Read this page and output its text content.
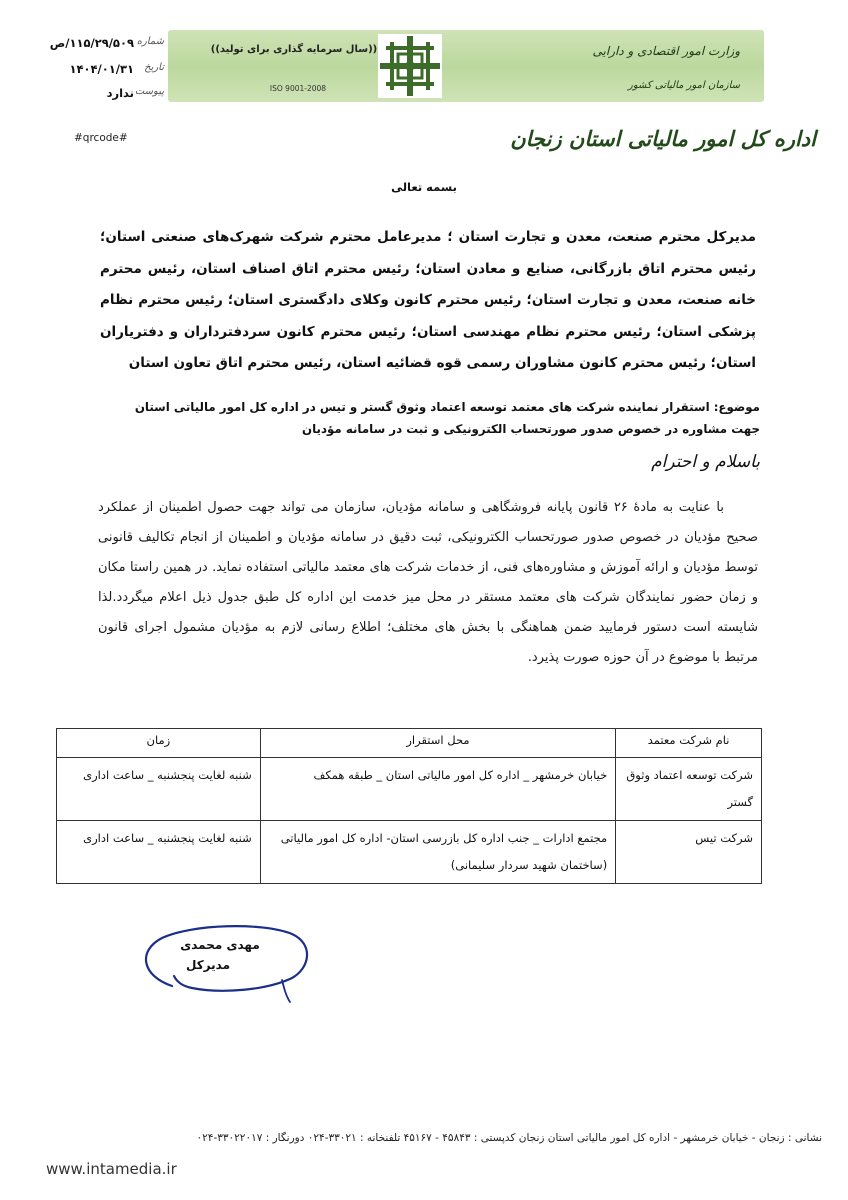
شماره
۱۱۵/۲۹/۵۰۹/ص
تاریخ
۱۴۰۴/۰۱/۳۱
پیوست
ندارد
((سال سرمایه گذاری برای تولید))
ISO 9001-2008
وزارت امور اقتصادی و دارایی
سازمان امور مالیاتی کشور
اداره کل امور مالیاتی استان زنجان
#qrcode#
بسمه تعالی
مدیرکل محترم صنعت، معدن و تجارت استان ؛ مدیرعامل محترم شرکت شهرک‌های صنعتی استان؛ رئیس محترم اتاق بازرگانی، صنایع و معادن استان؛ رئیس محترم اتاق اصناف استان، رئیس محترم خانه صنعت، معدن و تجارت استان؛ رئیس محترم کانون وکلای دادگستری استان؛ رئیس محترم نظام پزشکی استان؛ رئیس محترم نظام مهندسی استان؛ رئیس محترم کانون سردفترداران و دفتریاران استان؛ رئیس محترم کانون مشاوران رسمی قوه قضائیه استان، رئیس محترم اتاق تعاون استان
موضوع: استقرار نماینده شرکت های معتمد توسعه اعتماد وثوق گستر و تیس در اداره کل امور مالیاتی استان جهت مشاوره در خصوص صدور صورتحساب الکترونیکی و ثبت در سامانه مؤدیان
باسلام و احترام
با عنایت به مادهٔ ۲۶ قانون پایانه فروشگاهی و سامانه مؤدیان، سازمان می تواند جهت حصول اطمینان از عملکرد صحیح مؤدیان در خصوص صدور صورتحساب الکترونیکی، ثبت دقیق در سامانه مؤدیان و اطمینان از انجام تکالیف قانونی توسط مؤدیان و ارائه آموزش و مشاوره‌های فنی، از خدمات شرکت های معتمد مالیاتی استفاده نماید. در همین راستا مکان و زمان حضور نمایندگان شرکت های معتمد مستقر در محل میز خدمت این اداره کل طبق جدول ذیل اعلام میگردد.لذا شایسته است دستور فرمایید ضمن هماهنگی با بخش های مختلف؛ اطلاع رسانی لازم به مؤدیان مشمول اجرای قانون مرتبط با موضوع در آن حوزه صورت پذیرد.
نام شرکت معتمد	محل استقرار	زمان
شرکت توسعه اعتماد وثوق گستر	خیابان خرمشهر _ اداره کل امور مالیاتی استان _ طبقه همکف	شنبه لغایت پنجشنبه _ ساعت اداری
شرکت تیس	مجتمع ادارات _ جنب اداره کل بازرسی استان- اداره کل امور مالیاتی (ساختمان شهید سردار سلیمانی)	شنبه لغایت پنجشنبه _ ساعت اداری
مهدی محمدی
مدیرکل
نشانی : زنجان - خیابان خرمشهر - اداره کل امور مالیاتی استان زنجان کدپستی : ۴۵۸۴۳ - ۴۵۱۶۷ تلفنخانه : ۳۳۰۲۱-۰۲۴ دورنگار : ۳۳۰۲۲۰۱۷-۰۲۴
www.intamedia.ir
